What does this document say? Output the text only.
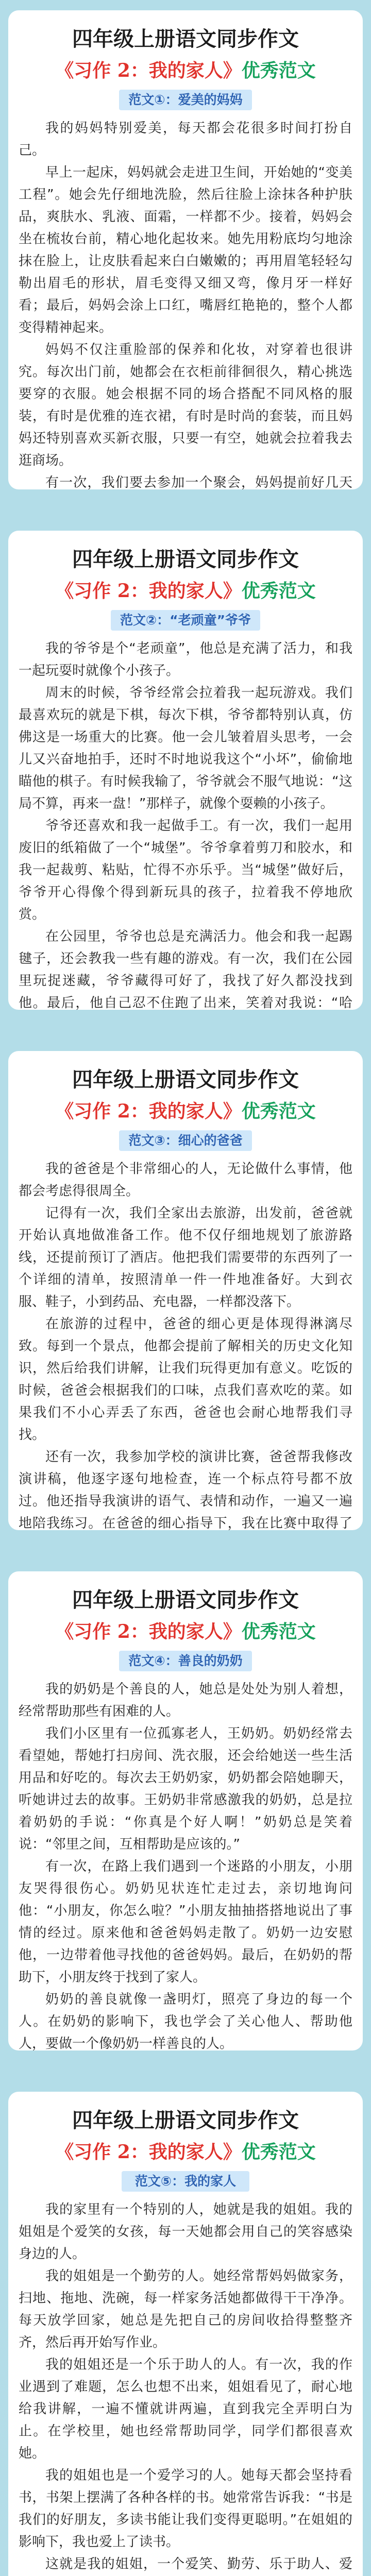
四年级上册语文同步作文
《习作 2：我的家人》优秀范文
范文①：爱美的妈妈

我的妈妈特别爱美，每天都会花很多时间打扮自己。

早上一起床，妈妈就会走进卫生间，开始她的“变美工程”。她会先仔细地洗脸，然后往脸上涂抹各种护肤品，爽肤水、乳液、面霜，一样都不少。接着，妈妈会坐在梳妆台前，精心地化起妆来。她先用粉底均匀地涂抹在脸上，让皮肤看起来白白嫩嫩的；再用眉笔轻轻勾勒出眉毛的形状，眉毛变得又细又弯，像月牙一样好看；最后，妈妈会涂上口红，嘴唇红艳艳的，整个人都变得精神起来。

妈妈不仅注重脸部的保养和化妆，对穿着也很讲究。每次出门前，她都会在衣柜前徘徊很久，精心挑选要穿的衣服。她会根据不同的场合搭配不同风格的服装，有时是优雅的连衣裙，有时是时尚的套装，而且妈妈还特别喜欢买新衣服，只要一有空，她就会拉着我去逛商场。

有一次，我们要去参加一个聚会，妈妈提前好几天

四年级上册语文同步作文
《习作 2：我的家人》优秀范文
范文②：“老顽童”爷爷

我的爷爷是个“老顽童”，他总是充满了活力，和我一起玩耍时就像个小孩子。

周末的时候，爷爷经常会拉着我一起玩游戏。我们最喜欢玩的就是下棋，每次下棋，爷爷都特别认真，仿佛这是一场重大的比赛。他一会儿皱着眉头思考，一会儿又兴奋地拍手，还时不时地说我这个“小坏”，偷偷地瞄他的棋子。有时候我输了，爷爷就会不服气地说：“这局不算，再来一盘！”那样子，就像个耍赖的小孩子。

爷爷还喜欢和我一起做手工。有一次，我们一起用废旧的纸箱做了一个“城堡”。爷爷拿着剪刀和胶水，和我一起裁剪、粘贴，忙得不亦乐乎。当“城堡”做好后，爷爷开心得像个得到新玩具的孩子，拉着我不停地欣赏。

在公园里，爷爷也总是充满活力。他会和我一起踢毽子，还会教我一些有趣的游戏。有一次，我们在公园里玩捉迷藏，爷爷藏得可好了，我找了好久都没找到他。最后，他自己忍不住跑了出来，笑着对我说：“哈

四年级上册语文同步作文
《习作 2：我的家人》优秀范文
范文③：细心的爸爸

我的爸爸是个非常细心的人，无论做什么事情，他都会考虑得很周全。

记得有一次，我们全家出去旅游，出发前，爸爸就开始认真地做准备工作。他不仅仔细地规划了旅游路线，还提前预订了酒店。他把我们需要带的东西列了一个详细的清单，按照清单一件一件地准备好。大到衣服、鞋子，小到药品、充电器，一样都没落下。

在旅游的过程中，爸爸的细心更是体现得淋漓尽致。每到一个景点，他都会提前了解相关的历史文化知识，然后给我们讲解，让我们玩得更加有意义。吃饭的时候，爸爸会根据我们的口味，点我们喜欢吃的菜。如果我们不小心弄丢了东西，爸爸也会耐心地帮我们寻找。

还有一次，我参加学校的演讲比赛，爸爸帮我修改演讲稿，他逐字逐句地检查，连一个标点符号都不放过。他还指导我演讲的语气、表情和动作，一遍又一遍地陪我练习。在爸爸的细心指导下，我在比赛中取得了

四年级上册语文同步作文
《习作 2：我的家人》优秀范文
范文④：善良的奶奶

我的奶奶是个善良的人，她总是处处为别人着想，经常帮助那些有困难的人。

我们小区里有一位孤寡老人，王奶奶。奶奶经常去看望她，帮她打扫房间、洗衣服，还会给她送一些生活用品和好吃的。每次去王奶奶家，奶奶都会陪她聊天，听她讲过去的故事。王奶奶非常感激我的奶奶，总是拉着奶奶的手说：“你真是个好人啊！”奶奶总是笑着说：“邻里之间，互相帮助是应该的。”

有一次，在路上我们遇到一个迷路的小朋友，小朋友哭得很伤心。奶奶见状连忙走过去，亲切地询问他：“小朋友，你怎么啦？”小朋友抽抽搭搭地说出了事情的经过。原来他和爸爸妈妈走散了。奶奶一边安慰他，一边带着他寻找他的爸爸妈妈。最后，在奶奶的帮助下，小朋友终于找到了家人。

奶奶的善良就像一盏明灯，照亮了身边的每一个人。在奶奶的影响下，我也学会了关心他人、帮助他人，要做一个像奶奶一样善良的人。

四年级上册语文同步作文
《习作 2：我的家人》优秀范文
范文⑤：我的家人

我的家里有一个特别的人，她就是我的姐姐。我的姐姐是个爱笑的女孩，每一天她都会用自己的笑容感染身边的人。

我的姐姐是一个勤劳的人。她经常帮妈妈做家务，扫地、拖地、洗碗，每一样家务活她都做得干干净净。每天放学回家，她总是先把自己的房间收拾得整整齐齐，然后再开始写作业。

我的姐姐还是一个乐于助人的人。有一次，我的作业遇到了难题，怎么也想不出来，姐姐看见了，耐心地给我讲解，一遍不懂就讲两遍，直到我完全弄明白为止。在学校里，她也经常帮助同学，同学们都很喜欢她。

我的姐姐也是一个爱学习的人。她每天都会坚持看书，书架上摆满了各种各样的书。她常常告诉我：“书是我们的好朋友，多读书能让我们变得更聪明。”在姐姐的影响下，我也爱上了读书。

这就是我的姐姐，一个爱笑、勤劳、乐于助人、爱
